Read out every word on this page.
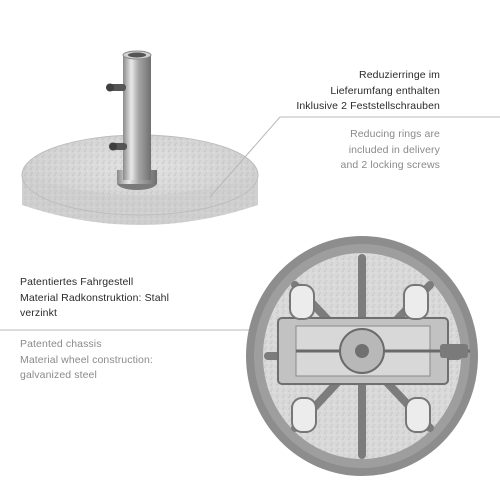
Reduzierringe im
Lieferumfang enthalten
Inklusive 2 Feststellschrauben
Reducing rings are
included in delivery
and 2 locking screws
Patentiertes Fahrgestell
Material Radkonstruktion: Stahl
verzinkt
Patented chassis
Material wheel construction:
galvanized steel
